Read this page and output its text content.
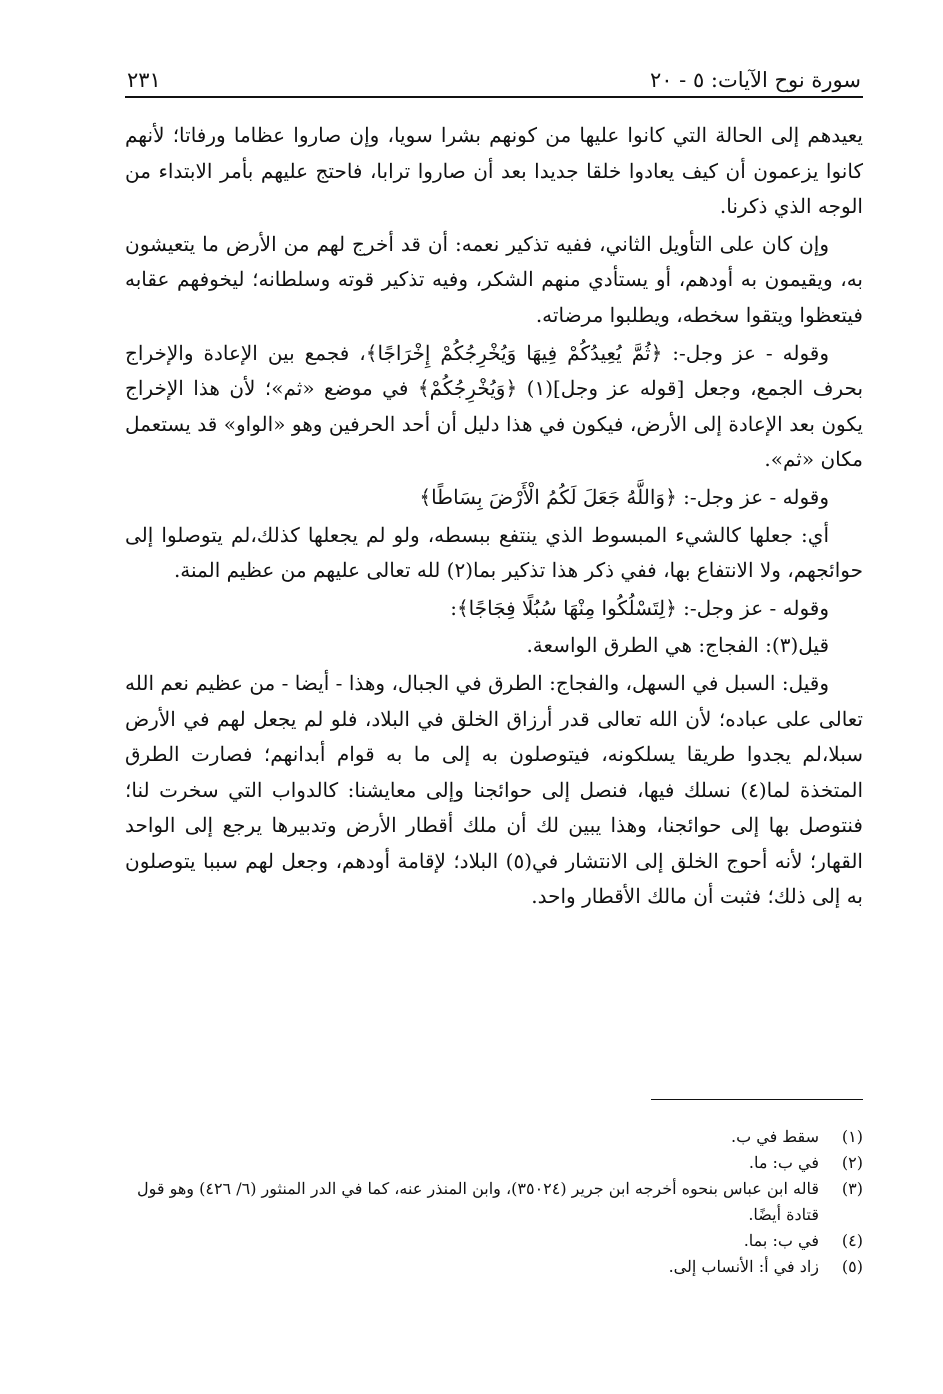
سورة نوح الآيات: ٥ - ٢٠
٢٣١

يعيدهم إلى الحالة التي كانوا عليها من كونهم بشرا سويا، وإن صاروا عظاما ورفاتا؛ لأنهم كانوا يزعمون أن كيف يعادوا خلقا جديدا بعد أن صاروا ترابا، فاحتج عليهم بأمر الابتداء من الوجه الذي ذكرنا.

وإن كان على التأويل الثاني، ففيه تذكير نعمه: أن قد أخرج لهم من الأرض ما يتعيشون به، ويقيمون به أودهم، أو يستأدي منهم الشكر، وفيه تذكير قوته وسلطانه؛ ليخوفهم عقابه فيتعظوا ويتقوا سخطه، ويطلبوا مرضاته.

وقوله - عز وجل-: ﴿ثُمَّ يُعِيدُكُمْ فِيهَا وَيُخْرِجُكُمْ إِخْرَاجًا﴾، فجمع بين الإعادة والإخراج بحرف الجمع، وجعل [قوله عز وجل](١) ﴿وَيُخْرِجُكُمْ﴾ في موضع «ثم»؛ لأن هذا الإخراج يكون بعد الإعادة إلى الأرض، فيكون في هذا دليل أن أحد الحرفين وهو «الواو» قد يستعمل مكان «ثم».

وقوله - عز وجل-: ﴿وَاللَّهُ جَعَلَ لَكُمُ الْأَرْضَ بِسَاطًا﴾

أي: جعلها كالشيء المبسوط الذي ينتفع ببسطه، ولو لم يجعلها كذلك،لم يتوصلوا إلى حوائجهم، ولا الانتفاع بها، ففي ذكر هذا تذكير بما(٢) لله تعالى عليهم من عظيم المنة.

وقوله - عز وجل-: ﴿لِتَسْلُكُوا مِنْهَا سُبُلًا فِجَاجًا﴾:

قيل(٣): الفجاج: هي الطرق الواسعة.

وقيل: السبل في السهل، والفجاج: الطرق في الجبال، وهذا - أيضا - من عظيم نعم الله تعالى على عباده؛ لأن الله تعالى قدر أرزاق الخلق في البلاد، فلو لم يجعل لهم في الأرض سبلا،لم يجدوا طريقا يسلكونه، فيتوصلون به إلى ما به قوام أبدانهم؛ فصارت الطرق المتخذة لما(٤) نسلك فيها، فنصل إلى حوائجنا وإلى معايشنا: كالدواب التي سخرت لنا؛ فنتوصل بها إلى حوائجنا، وهذا يبين لك أن ملك أقطار الأرض وتدبيرها يرجع إلى الواحد القهار؛ لأنه أحوج الخلق إلى الانتشار في(٥) البلاد؛ لإقامة أودهم، وجعل لهم سببا يتوصلون به إلى ذلك؛ فثبت أن مالك الأقطار واحد.

(١)
سقط في ب.
(٢)
في ب: ما.
(٣)
قاله ابن عباس بنحوه أخرجه ابن جرير (٣٥٠٢٤)، وابن المنذر عنه، كما في الدر المنثور (٦/ ٤٢٦) وهو قول قتادة أيضًا.
(٤)
في ب: بما.
(٥)
زاد في أ: الأنساب إلى.
